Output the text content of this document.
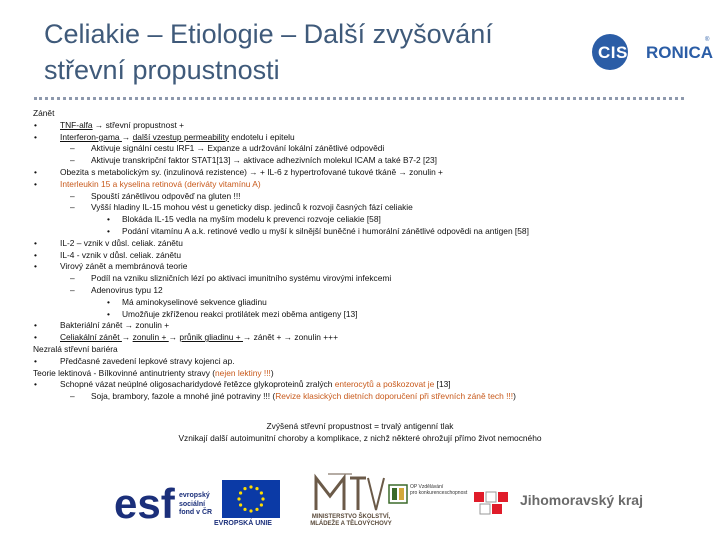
Celiakie – Etiologie – Další zvyšování střevní propustnosti
CIST RONICA
®
Zánět
•	TNF-alfa → střevní propustnost +
•	Interferon-gama → další vzestup permeability endotelu i epitelu
– Aktivuje signální cestu IRF1 → Expanze a udržování lokální zánětlivé odpovědi
– Aktivuje transkripční faktor STAT1[13] → aktivace adhezivních molekul ICAM a také B7-2 [23]
•	Obezita s metabolickým sy. (inzulinová rezistence) → + IL-6 z hypertrofované tukové tkáně → zonulin +
•	Interleukin 15 a kyselina retinová (deriváty vitamínu A)
– Spouští zánětlivou odpověď na gluten !!!
– Vyšší hladiny IL-15 mohou vést u geneticky disp. jedinců k rozvoji časných fází celiakie
• Blokáda IL-15 vedla na myším modelu k prevenci rozvoje celiakie [58]
• Podání vitamínu A a.k. retinové vedlo u myší k silnější buněčné i humorální zánětlivé odpovědi na antigen [58]
•	IL-2 – vznik v důsl. celiak. zánětu
•	IL-4 - vznik v důsl. celiak. zánětu
•	Virový zánět a membránová teorie
– Podíl na vzniku slizničních lézí po aktivaci imunitního systému virovými infekcemi
– Adenovirus typu 12
• Má aminokyselinové sekvence gliadinu
• Umožňuje zkříženou reakci protilátek mezi oběma antigeny [13]
•	Bakteriální zánět → zonulin +
•	Celiakální zánět → zonulin + → průnik gliadinu + → zánět + → zonulin +++
Nezralá střevní bariéra
•	Předčasné zavedení lepkové stravy kojenci ap.
Teorie lektinová - Bílkovinné antinutrienty stravy (nejen lektiny !!!)
•	Schopné vázat neúplné oligosacharidydové řetězce glykoproteinů zralých enterocytů a poškozovat je [13]
– Soja, brambory, fazole a mnohé jiné potraviny !!! (Revize klasických dietních doporučení při střevních záně tech !!!)
Zvýšená střevní propustnost = trvalý antigenní tlak
Vznikají další autoimunitní choroby a komplikace, z nichž některé ohrožují přímo život nemocného
esf evropský
sociální
fond v ČR
EVROPSKÁ UNIE
MINISTERSTVO ŠKOLSTVÍ,
MLÁDEŽE A TĚLOVÝCHOVY
OP Vzdělávání
pro konkurenceschopnost	Jihomoravský kraj
